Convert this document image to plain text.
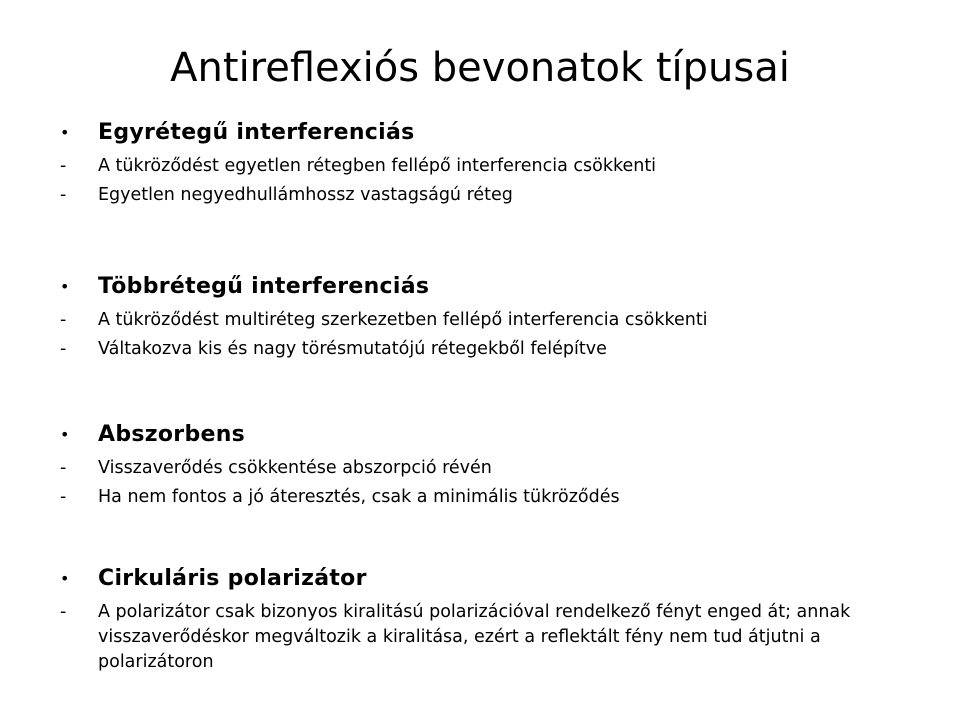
Antireflexiós bevonatok típusai
• Egyrétegű interferenciás
- A tükröződést egyetlen rétegben fellépő interferencia csökkenti
- Egyetlen negyedhullámhossz vastagságú réteg
• Többrétegű interferenciás
- A tükröződést multiréteg szerkezetben fellépő interferencia csökkenti
- Váltakozva kis és nagy törésmutatójú rétegekből felépítve
• Abszorbens
- Visszaverődés csökkentése abszorpció révén
- Ha nem fontos a jó áteresztés, csak a minimális tükröződés
• Cirkuláris polarizátor
- A polarizátor csak bizonyos kiralitású polarizációval rendelkező fényt enged át; annak visszaverődéskor megváltozik a kiralitása, ezért a reflektált fény nem tud átjutni a polarizátoron
